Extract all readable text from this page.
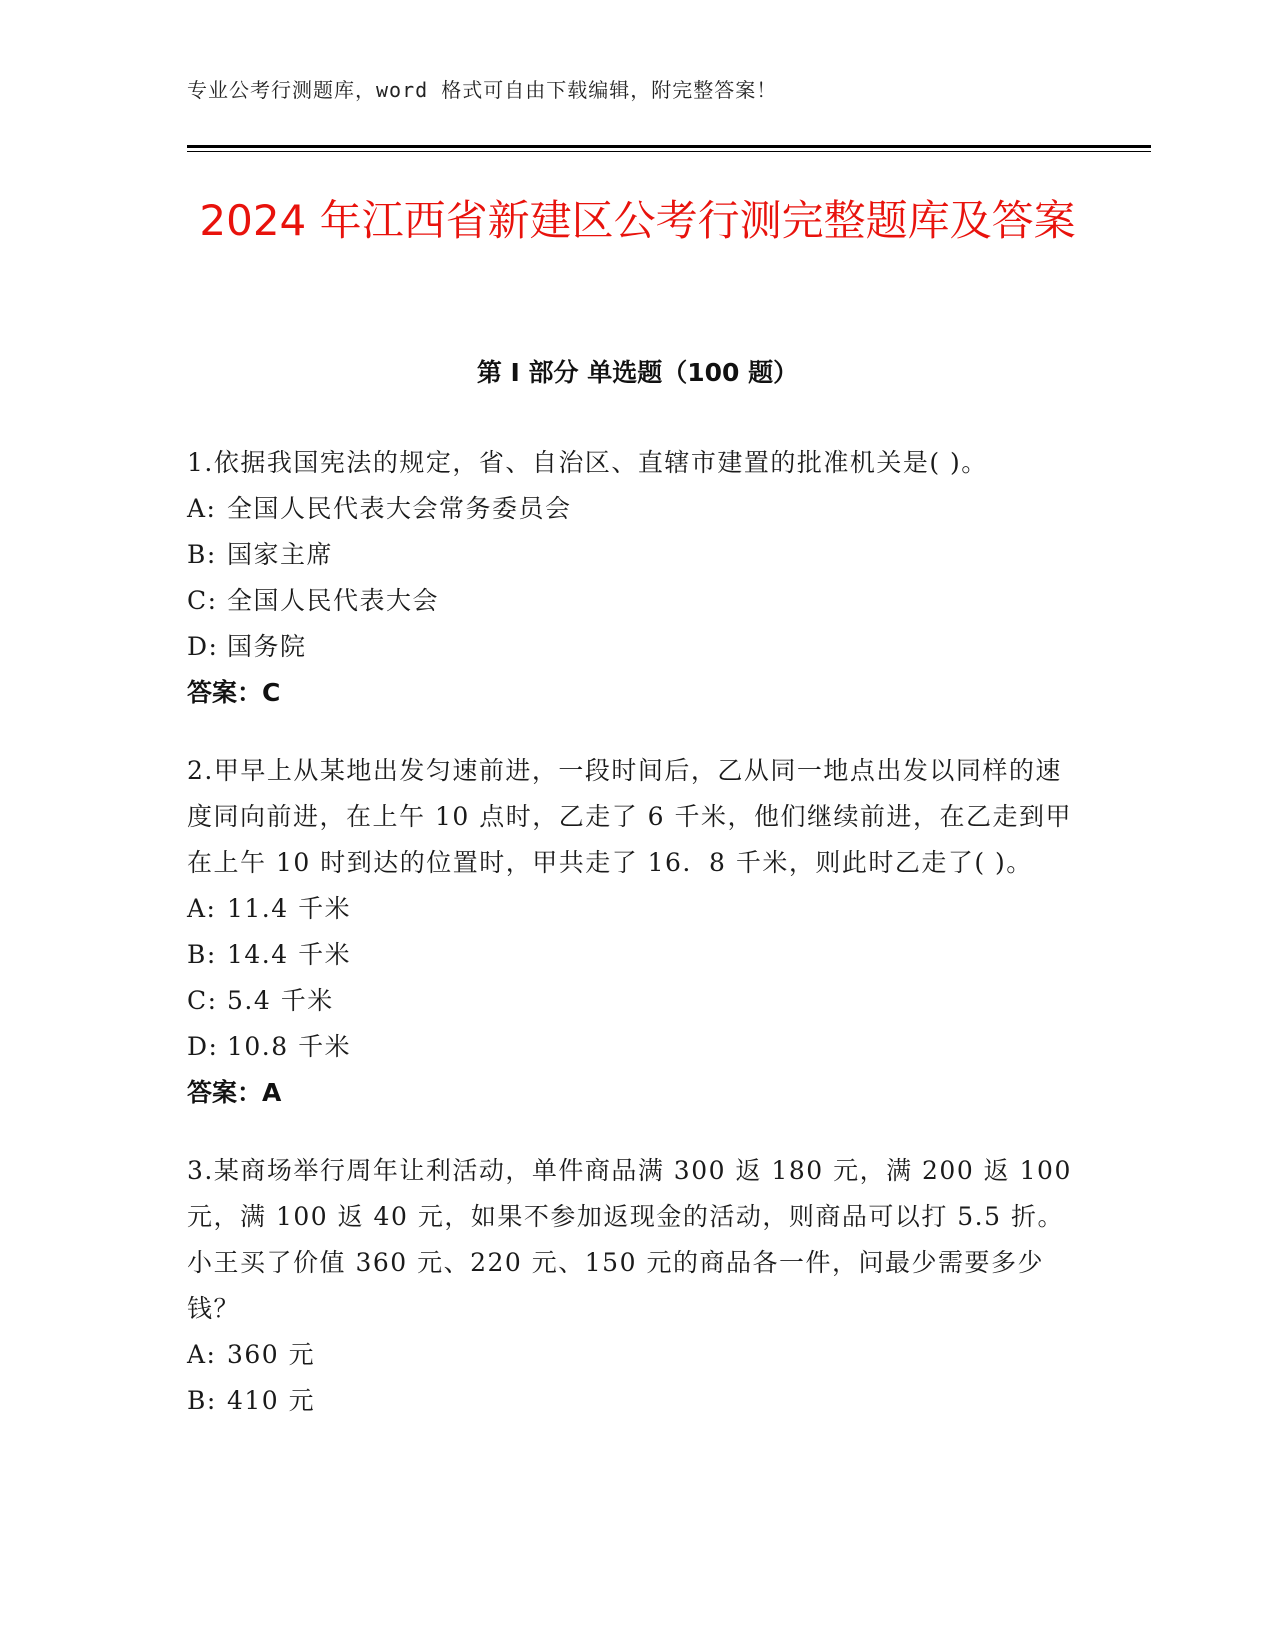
专业公考行测题库，word 格式可自由下载编辑，附完整答案！
2024 年江西省新建区公考行测完整题库及答案
第 I 部分 单选题（100 题）
1.依据我国宪法的规定，省、自治区、直辖市建置的批准机关是( )。
A: 全国人民代表大会常务委员会
B: 国家主席
C: 全国人民代表大会
D: 国务院
答案：C
2.甲早上从某地出发匀速前进，一段时间后，乙从同一地点出发以同样的速度同向前进，在上午 10 点时，乙走了 6 千米，他们继续前进，在乙走到甲在上午 10 时到达的位置时，甲共走了 16．8 千米，则此时乙走了( )。
A: 11.4 千米
B: 14.4 千米
C: 5.4 千米
D: 10.8 千米
答案：A
3.某商场举行周年让利活动，单件商品满 300 返 180 元，满 200 返 100 元，满 100 返 40 元，如果不参加返现金的活动，则商品可以打 5.5 折。小王买了价值 360 元、220 元、150 元的商品各一件，问最少需要多少钱？
A: 360 元
B: 410 元
